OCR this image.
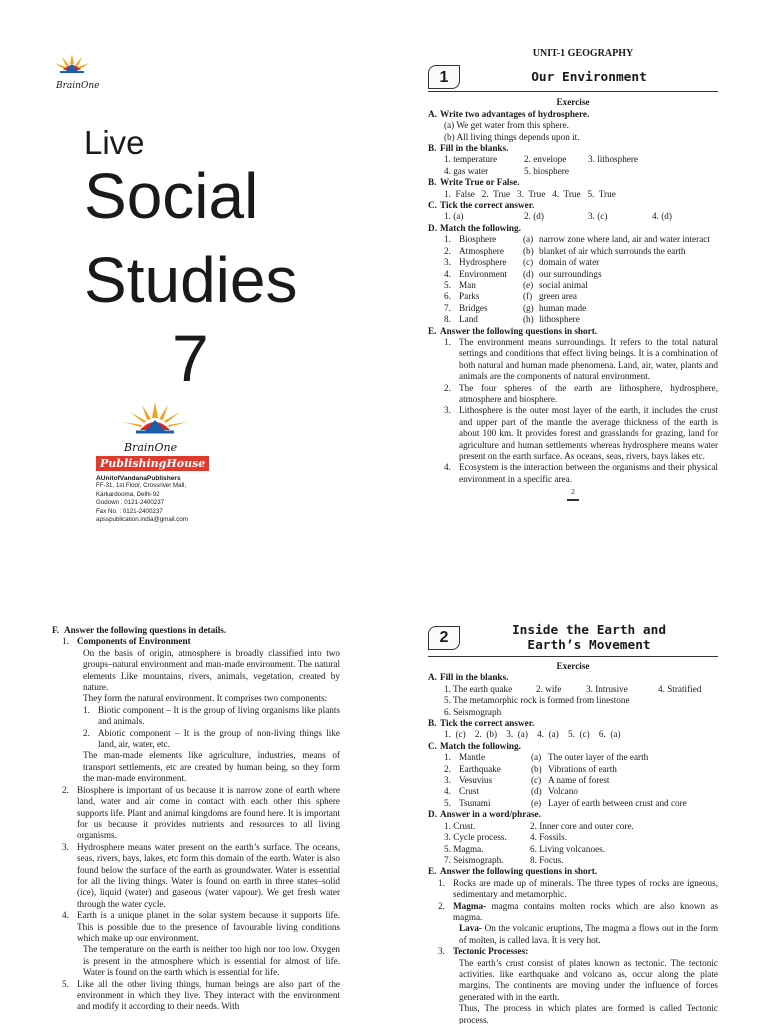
BrainOne
Live
Social
Studies
7
BrainOne
PublishingHouse
AUnitofVandanaPublishers
FF-31, 1st Floor, Crossriver Mall,
Karkardooma, Delhi-92
Godown : 0121-2400237
Fax No. : 0121-2400237
apsspublication.india@gmail.com
UNIT-1 GEOGRAPHY
1	Our Environment
Exercise
A. Write two advantages of hydrosphere.
(a) We get water from this sphere.
(b) All living things depends upon it.
B. Fill in the blanks.
1. temperature	2. envelope	3. lithosphere
4. gas water	5. biosphere
B. Write True or False.
1.  False   2.  True   3.  True   4.  True   5.  True
C. Tick the correct answer.
1. (a)	2. (d)	3. (c)	4. (d)
D. Match the following.
1. Biosphere	(a) narrow zone where land, air and water interact
2. Atmosphere	(b) blanket of air which surrounds the earth
3. Hydrosphere	(c) domain of water
4. Environment	(d) our surroundings
5. Man	(e) social animal
6. Parks	(f) green area
7. Bridges	(g) human made
8. Land	(h) lithosphere
E. Answer the following questions in short.
1. The environment means surroundings. It refers to the total natural settings and conditions that effect living beings. It is a combination of both natural and human made phenomena. Land, air, water, plants and animals are the components of natural environment.
2. The four spheres of the earth are lithosphere, hydrosphere, atmosphere and biosphere.
3. Lithosphere is the outer most layer of the earth, it includes the crust and upper part of the mantle the average thickness of the earth is about 100 km. It provides forest and grasslands for grazing, land for agriculture and human settlements whereas hydrosphere means water present on the earth surface. As oceans, seas, rivers, bays lakes etc.
4. Ecosystem is the interaction between the organisms and their physical environment in a specific area.
2
F. Answer the following questions in details.
1. Components of Environment
On the basis of origin, atmosphere is broadly classified into two groups–natural environment and man-made environment. The natural elements Like mountains, rivers, animals, vegetation, created by nature.
They form the natural environment. It comprises two components:
1. Biotic component – It is the group of living organisms like plants and animals.
2. Abiotic component – It is the group of non-living things like land, air, water, etc.
The man-made elements like agriculture, industries, means of transport settlements, etc are created by human being, so they form the man-made environment.
2. Biosphere is important of us because it is narrow zone of earth where land, water and air come in contact with each other this sphere supports life. Plant and animal kingdoms are found here. It is important for us because it provides nutrients and resources to all living organisms.
3. Hydrosphere means water present on the earth’s surface. The oceans, seas, rivers, bays, lakes, etc form this domain of the earth. Water is also found below the surface of the earth as groundwater. Water is essential for all the living things. Water is found on earth in three states–solid (ice), liquid (water) and gaseous (water vapour). We get fresh water through the water cycle.
4. Earth is a unique planet in the solar system because it supports life. This is possible due to the presence of favourable living conditions which make up our environment.
The temperature on the earth is neither too high nor too low. Oxygen is present in the atmosphere which is essential for almost of life. Water is found on the earth which is essential for life.
5. Like all the other living things, human beings are also part of the environment in which they live. They interact with the environment and modify it according to their needs. With
2	Inside the Earth and
Earth’s Movement
Exercise
A. Fill in the blanks.
1. The earth quake	2. wife	3. Intrusive	4. Stratified
5. The metamorphic rock is formed from linestone
6. Seismograph
B. Tick the correct answer.
1.  (c)    2.  (b)    3.  (a)    4.  (a)    5.  (c)    6.  (a)
C. Match the following.
1. Mantle	(a) The outer layer of the earth
2. Earthquake	(b) Vibrations of earth
3. Vesuvius	(c) A name of forest
4. Crust	(d) Volcano
5. Tsunami	(e) Layer of earth between crust and core
D. Answer in a word/phrase.
1. Crust.	2. Inner core and outer core.
3. Cycle process.	4. Fossils.
5. Magma.	6. Living volcanoes.
7. Seismograph.	8. Focus.
E. Answer the following questions in short.
1. Rocks are made up of minerals. The three types of rocks are igneous, sedimentary and metamorphic.
2. Magma- magma contains molten rocks which are also known as magma.
Lava- On the volcanic eruptions, The magma a flows out in the form of molten, is called lava. It is very hot.
3. Tectonic Processes:
The earth’s crust consist of plates known as tectonic. The tectonic activities. like earthquake and volcano as, occur along the plate margins. The continents are moving under the influence of forces generated with in the earth.
Thus, The process in which plates are formed is called Tectonic process.
